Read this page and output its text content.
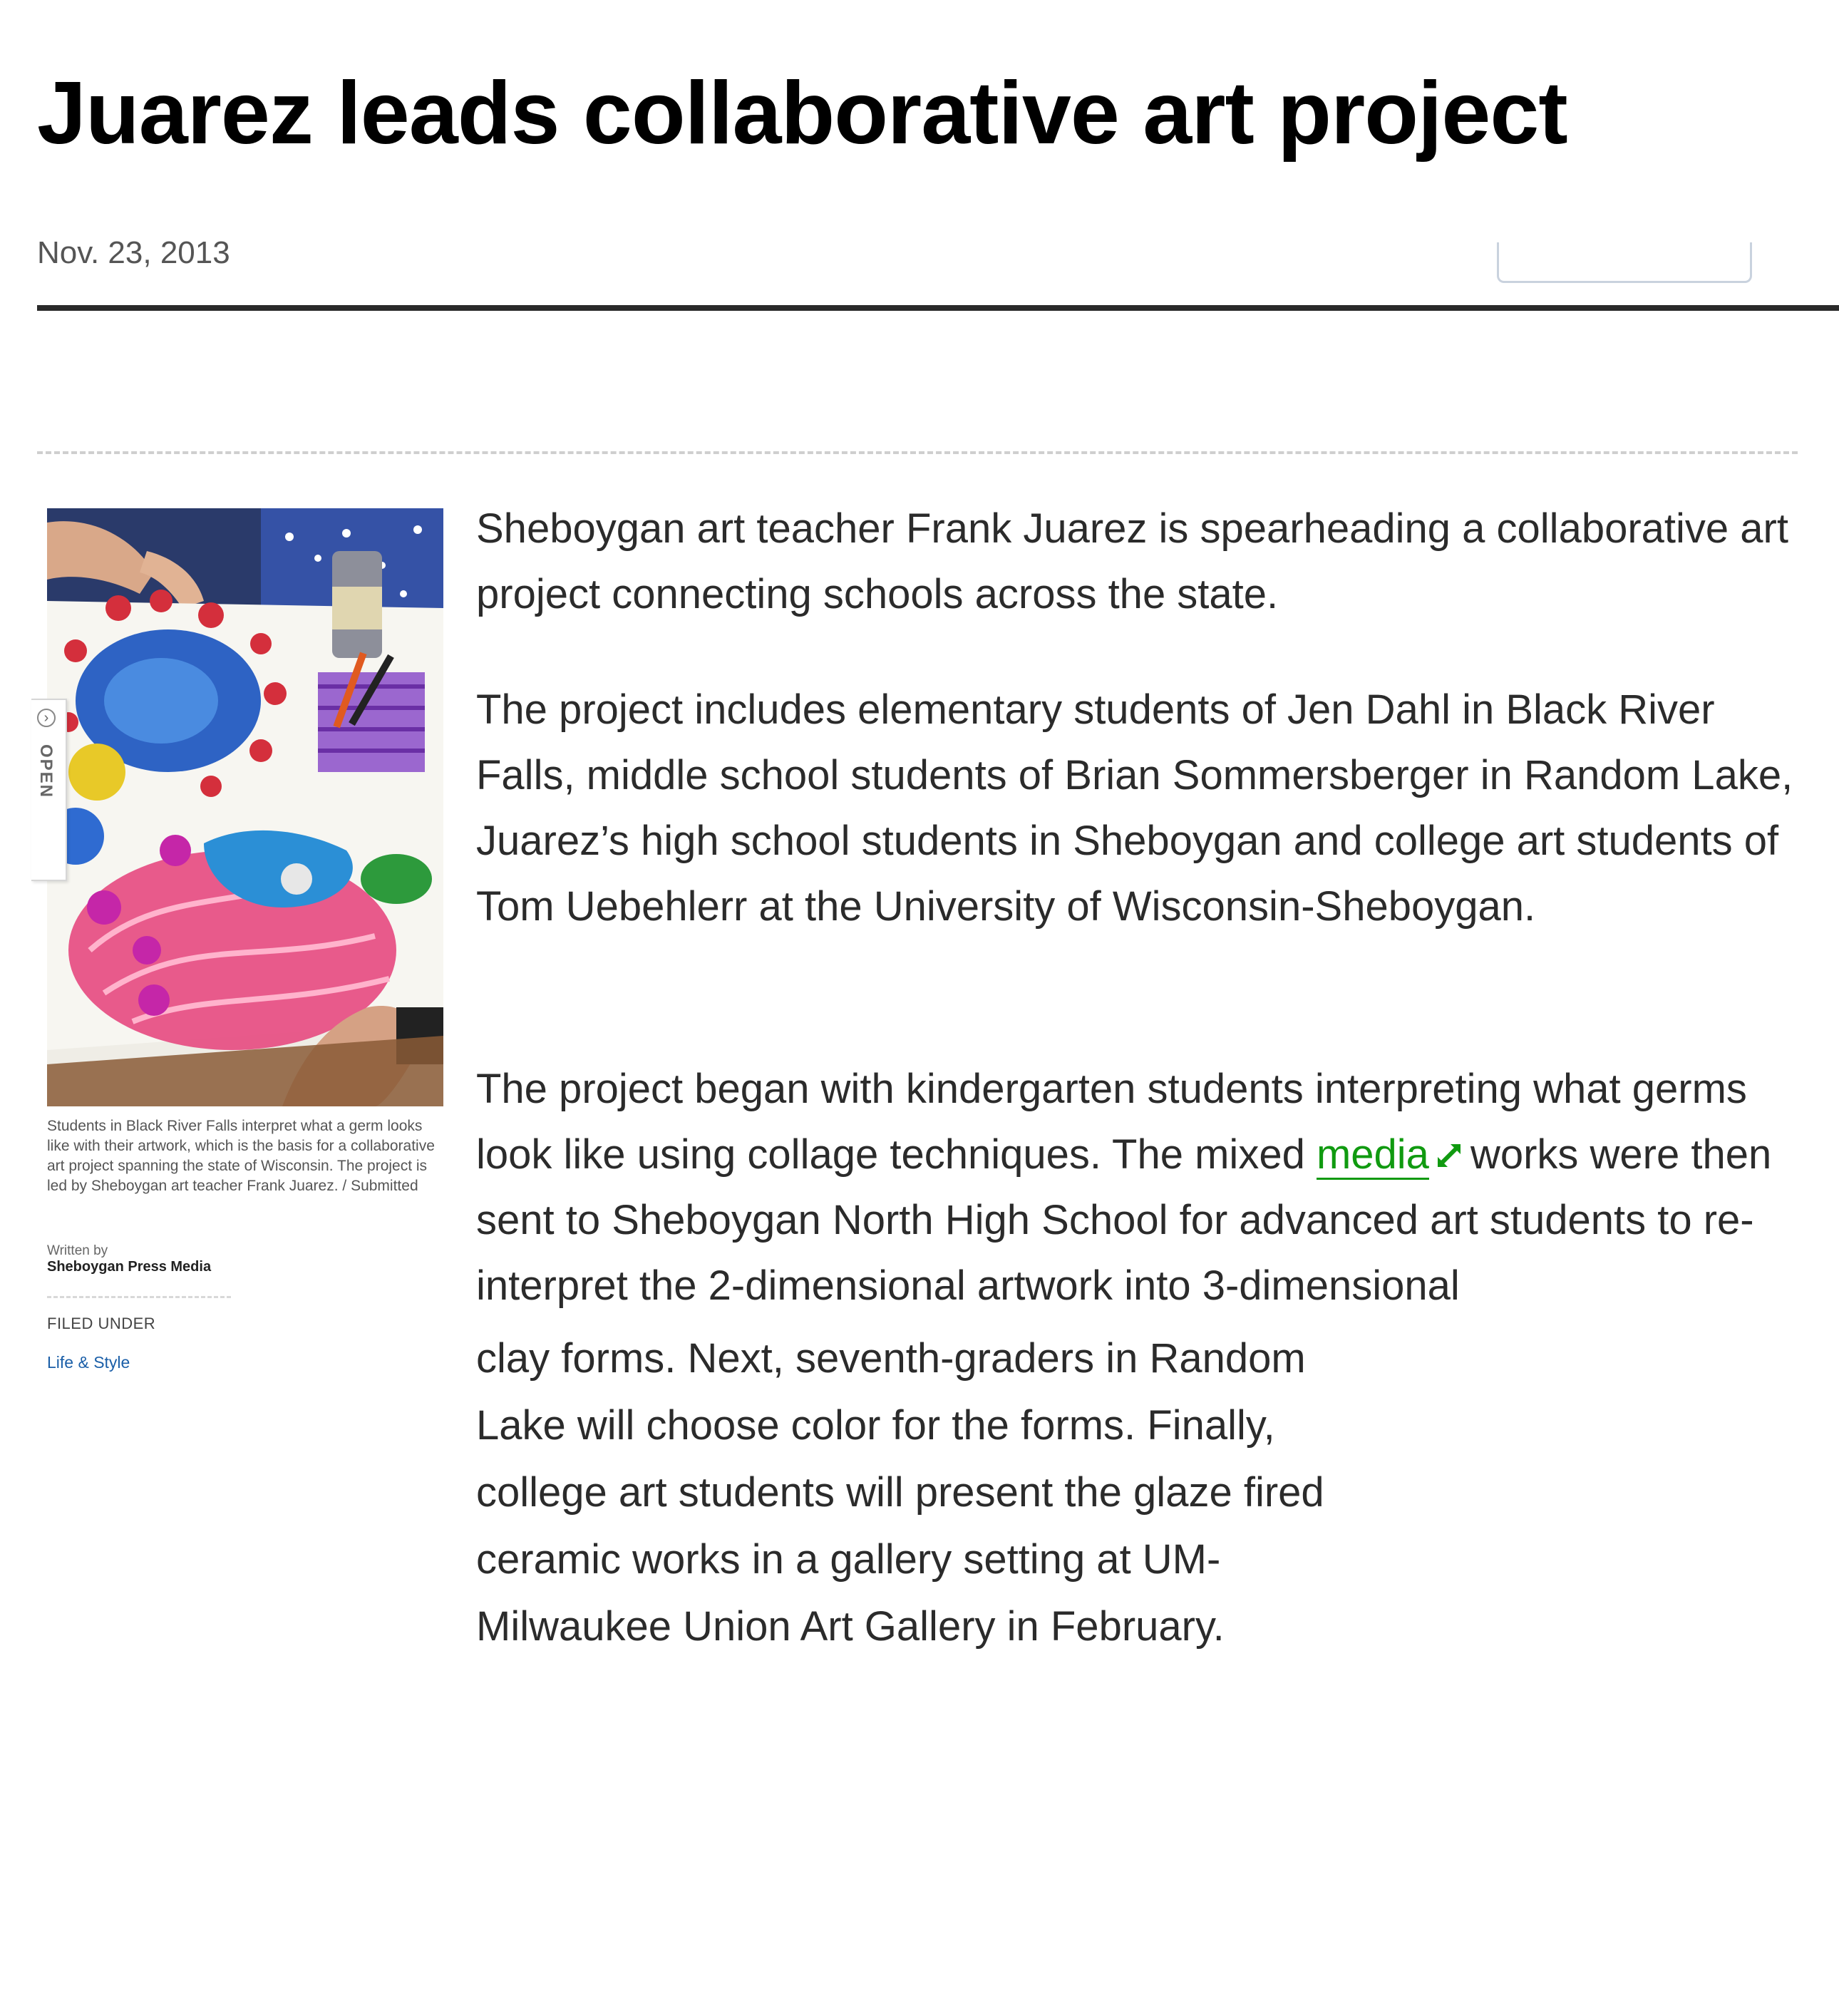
Juarez leads collaborative art project
Nov. 23, 2013
›
OPEN
Students in Black River Falls interpret what a germ looks like with their artwork, which is the basis for a collaborative art project spanning the state of Wisconsin. The project is led by Sheboygan art teacher Frank Juarez. / Submitted
Written by
Sheboygan Press Media
FILED UNDER
Life & Style

Sheboygan art teacher Frank Juarez is spearheading a collaborative art project connecting schools across the state.

The project includes elementary students of Jen Dahl in Black River Falls, middle school students of Brian Sommersberger in Random Lake, Juarez’s high school students in Sheboygan and college art students of Tom Uebehlerr at the University of Wisconsin-Sheboygan.

The project began with kindergarten students interpreting what germs look like using collage techniques. The mixed media works were then sent to Sheboygan North High School for advanced art students to re-interpret the 2-dimensional artwork into 3-dimensional

clay forms. Next, seventh-graders in Random Lake will choose color for the forms. Finally, college art students will present the glaze fired ceramic works in a gallery setting at UM-Milwaukee Union Art Gallery in February.
